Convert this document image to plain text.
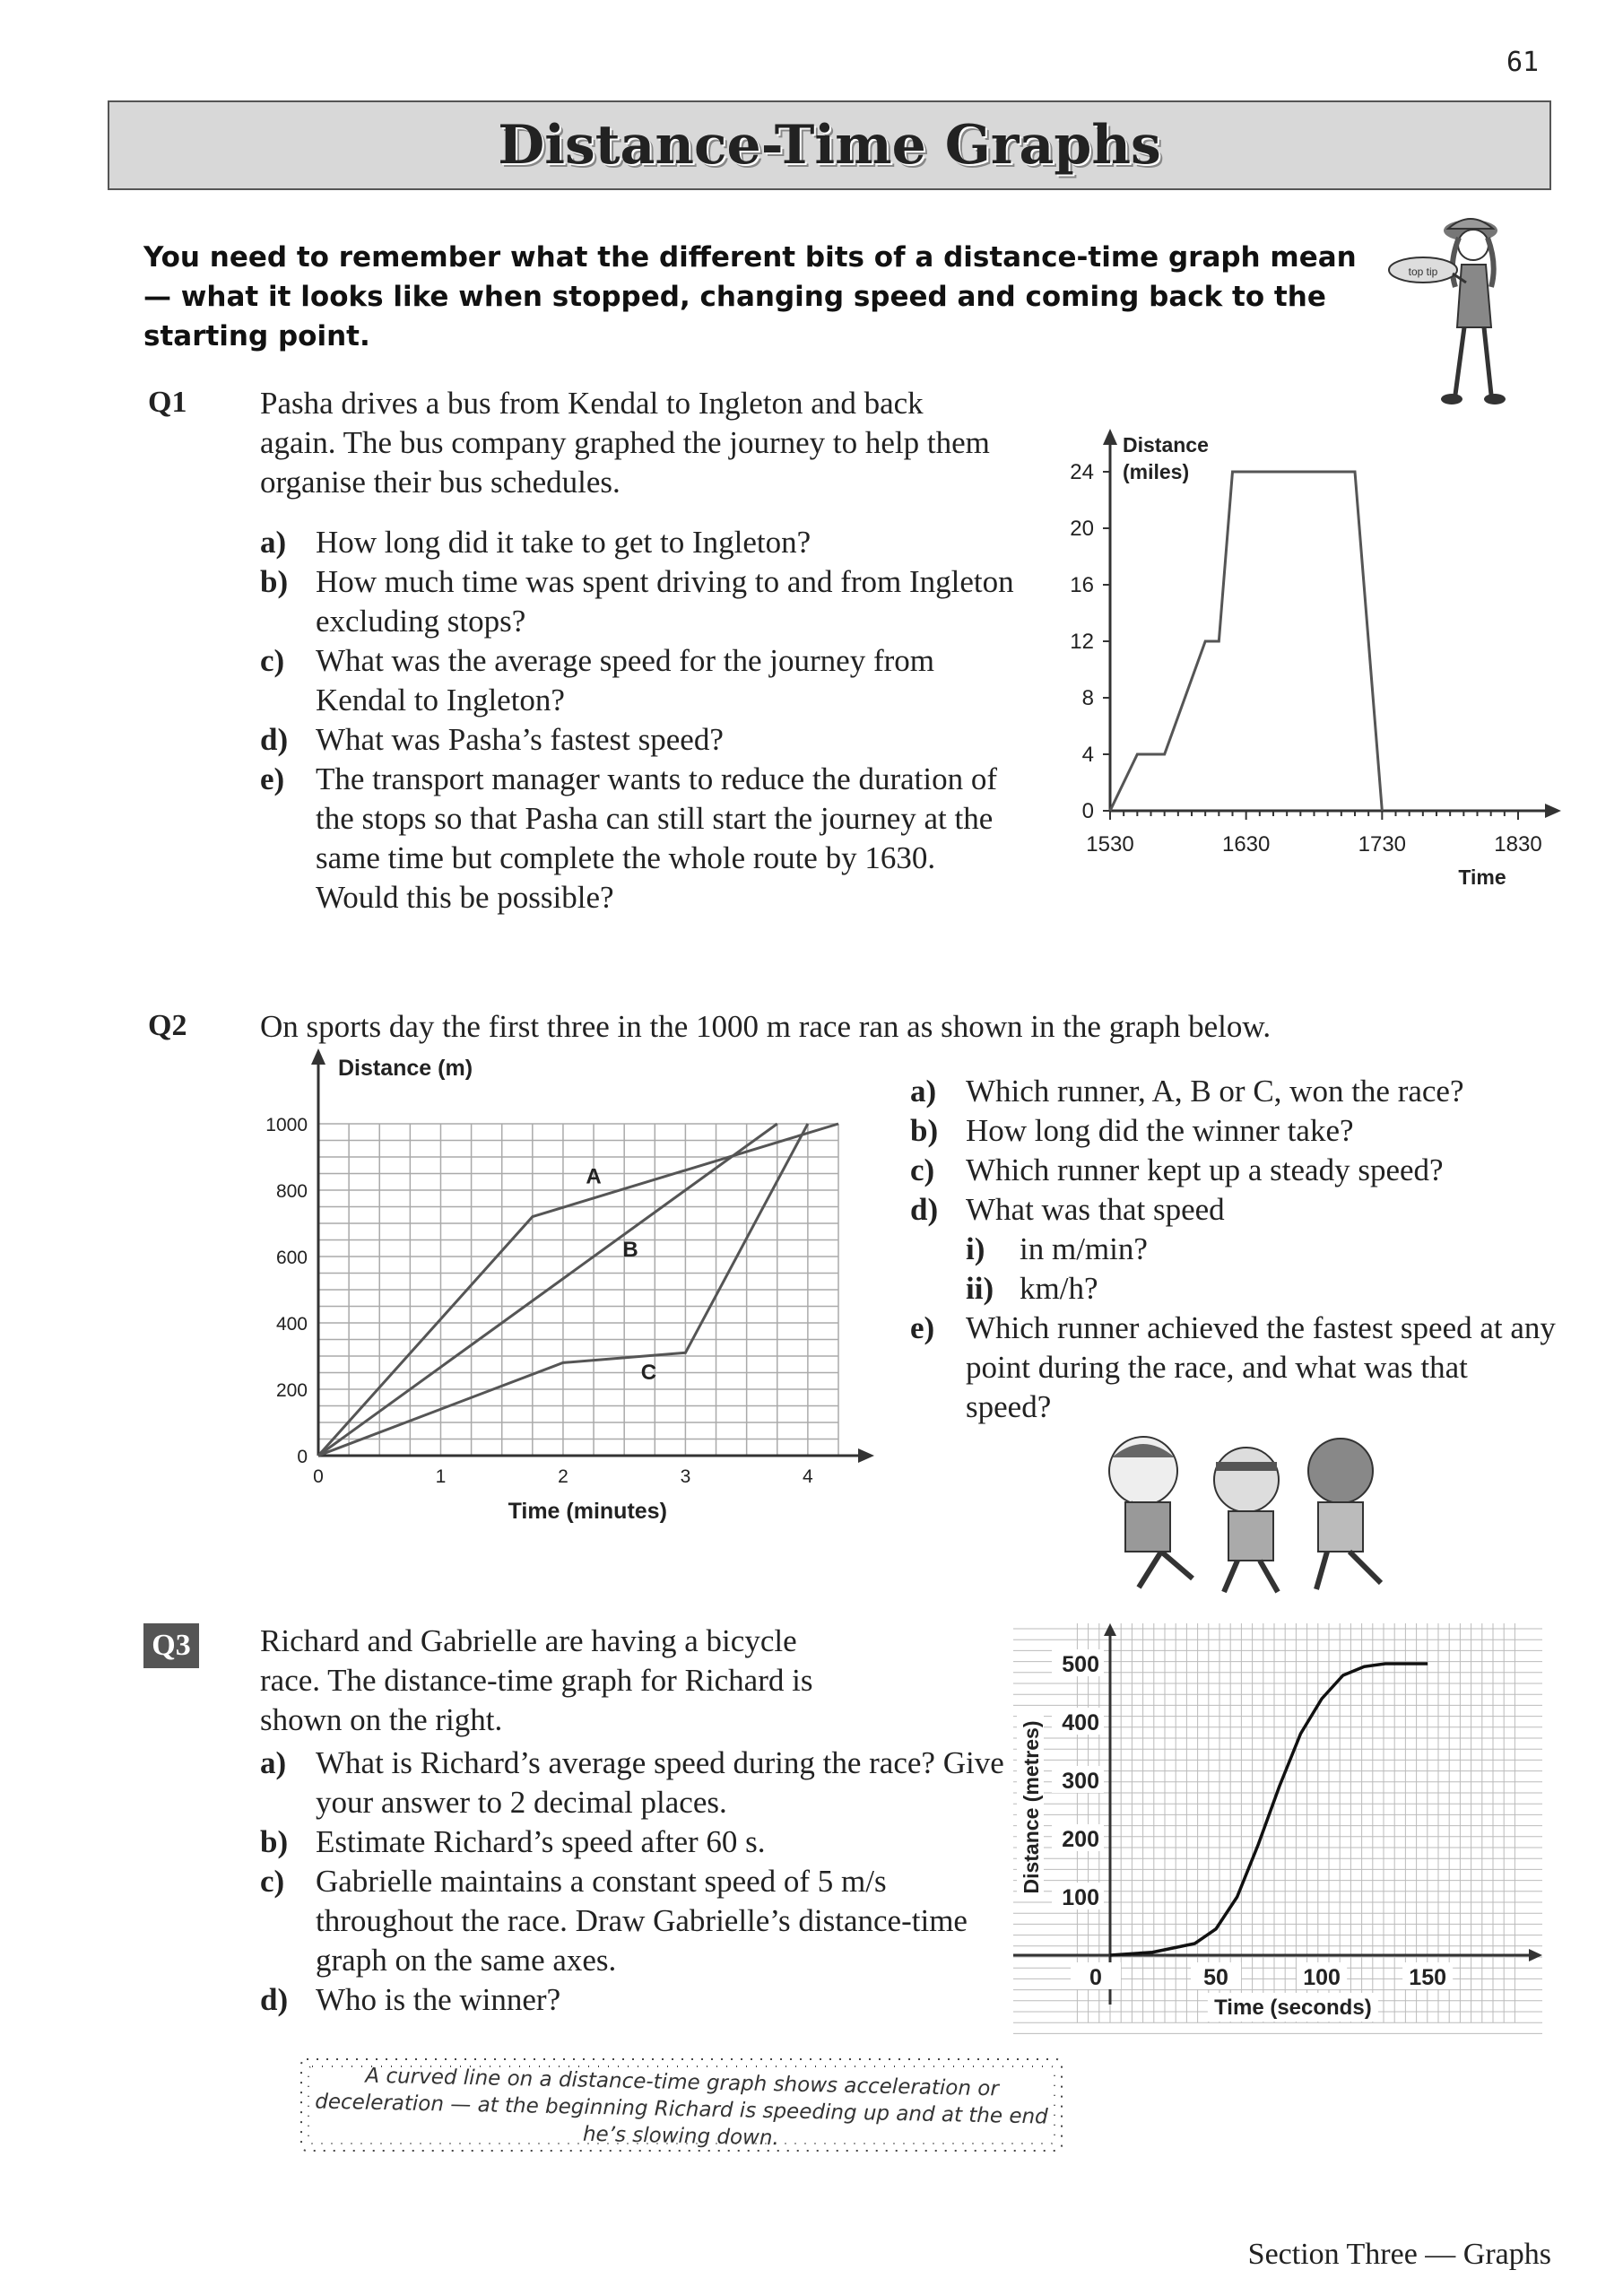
61
Distance-Time Graphs
You need to remember what the different bits of a distance-time graph mean — what it looks like when stopped, changing speed and coming back to the starting point.
top tip
Q1 Pasha drives a bus from Kendal to Ingleton and back again. The bus company graphed the journey to help them organise their bus schedules.
a) How long did it take to get to Ingleton?
b) How much time was spent driving to and from Ingleton excluding stops?
c) What was the average speed for the journey from Kendal to Ingleton?
d) What was Pasha’s fastest speed?
e) The transport manager wants to reduce the duration of the stops so that Pasha can still start the journey at the same time but complete the whole route by 1630. Would this be possible?
0
4
8
12
16
20
24
1530	1630	1730	1830
Distance
(miles)
Time
Q2 On sports day the first three in the 1000 m race ran as shown in the graph below.
0
200
400
600
800
1000
0	1	2	3	4
Distance (m)
Time (minutes)
A
B
C
a) Which runner, A, B or C, won the race?
b) How long did the winner take?
c) Which runner kept up a steady speed?
d) What was that speed
i)	in m/min?
ii) km/h?
e) Which runner achieved the fastest speed at any point during the race, and what was that speed?
Q3 Richard and Gabrielle are having a bicycle race. The distance-time graph for Richard is shown on the right.
a) What is Richard’s average speed during the race? Give your answer to 2 decimal places.
b) Estimate Richard’s speed after 60 s.
c) Gabrielle maintains a constant speed of 5 m/s throughout the race. Draw Gabrielle’s distance-time graph on the same axes.
d) Who is the winner?
100
200
300
400
500
0	50	100	150
Time (seconds)
Distance (metres)
A curved line on a distance-time graph shows acceleration or deceleration — at the beginning Richard is speeding up and at the end he’s slowing down.
Section Three — Graphs
